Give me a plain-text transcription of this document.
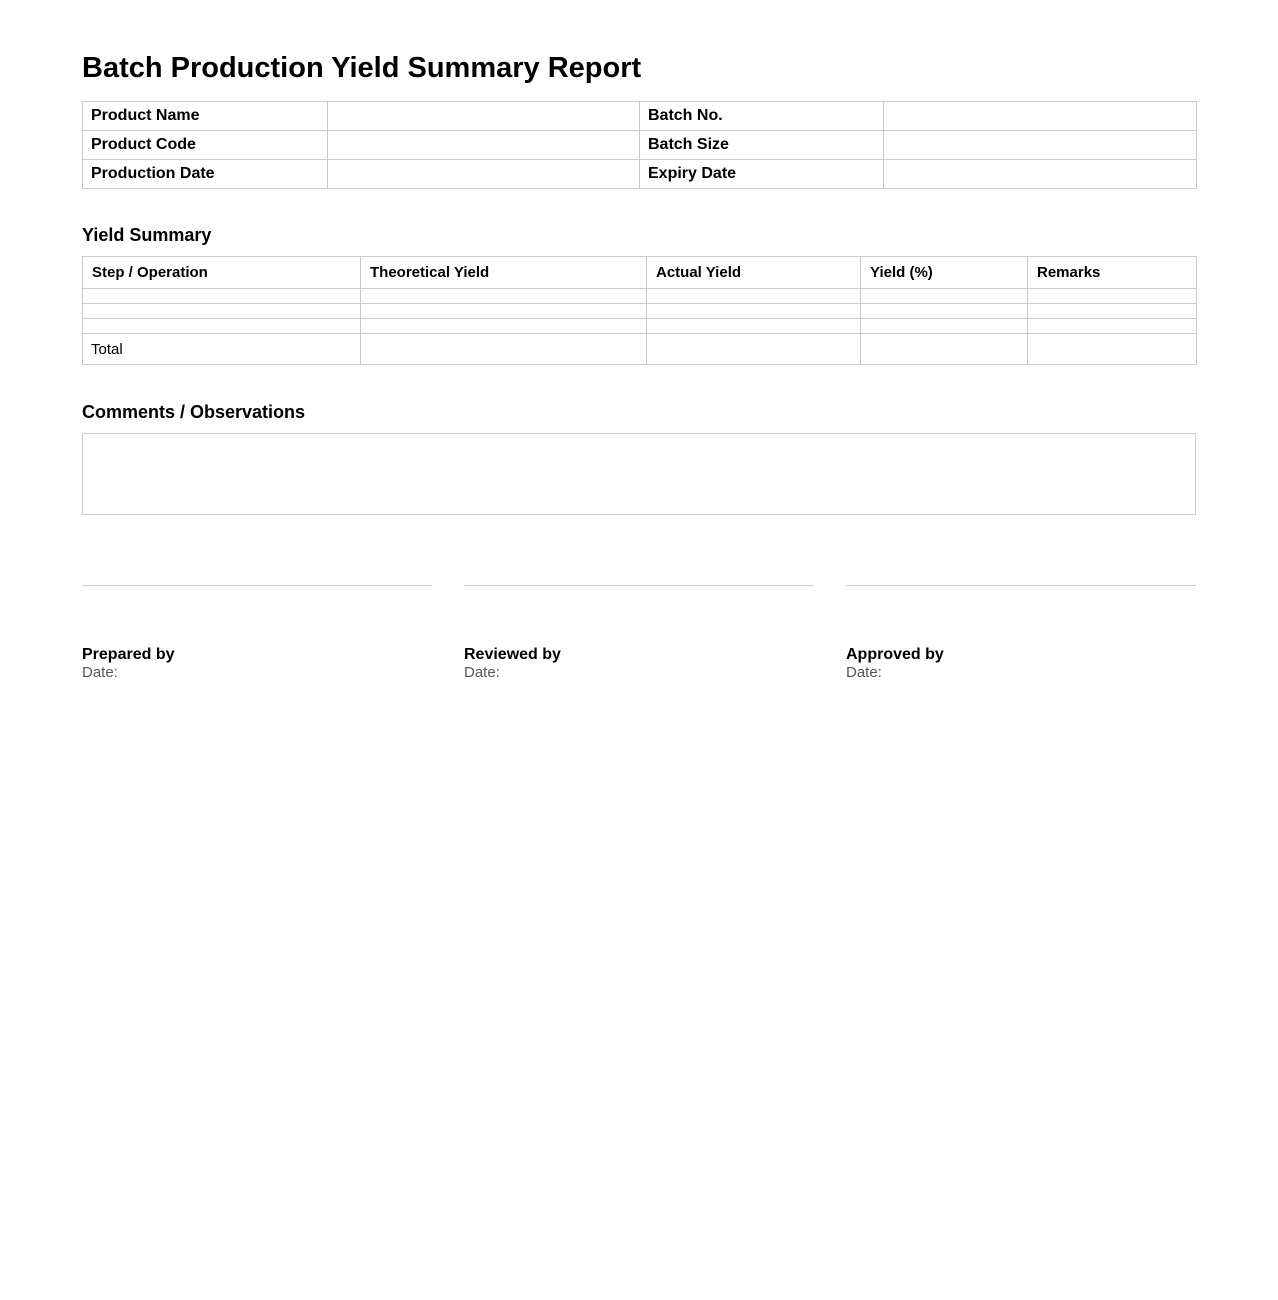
Batch Production Yield Summary Report
Product Name		Batch No.	
Product Code		Batch Size	
Production Date		Expiry Date	
Yield Summary
Step / Operation	Theoretical Yield	Actual Yield	Yield (%)	Remarks

Total				
Comments / Observations
Prepared by
Date:
Reviewed by
Date:
Approved by
Date:
